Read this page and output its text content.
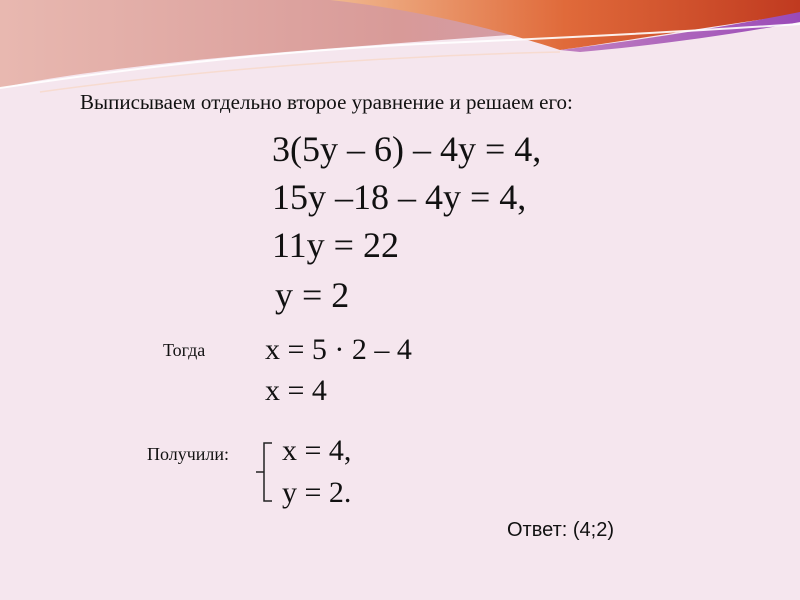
Выписываем отдельно второе уравнение и решаем его:
3(5y – 6) – 4y = 4,
15y –18 – 4y = 4,
11y = 22
y = 2
Тогда x = 5 · 2 – 4
x = 4
Получили: x = 4,
y = 2.
Ответ: (4;2)
